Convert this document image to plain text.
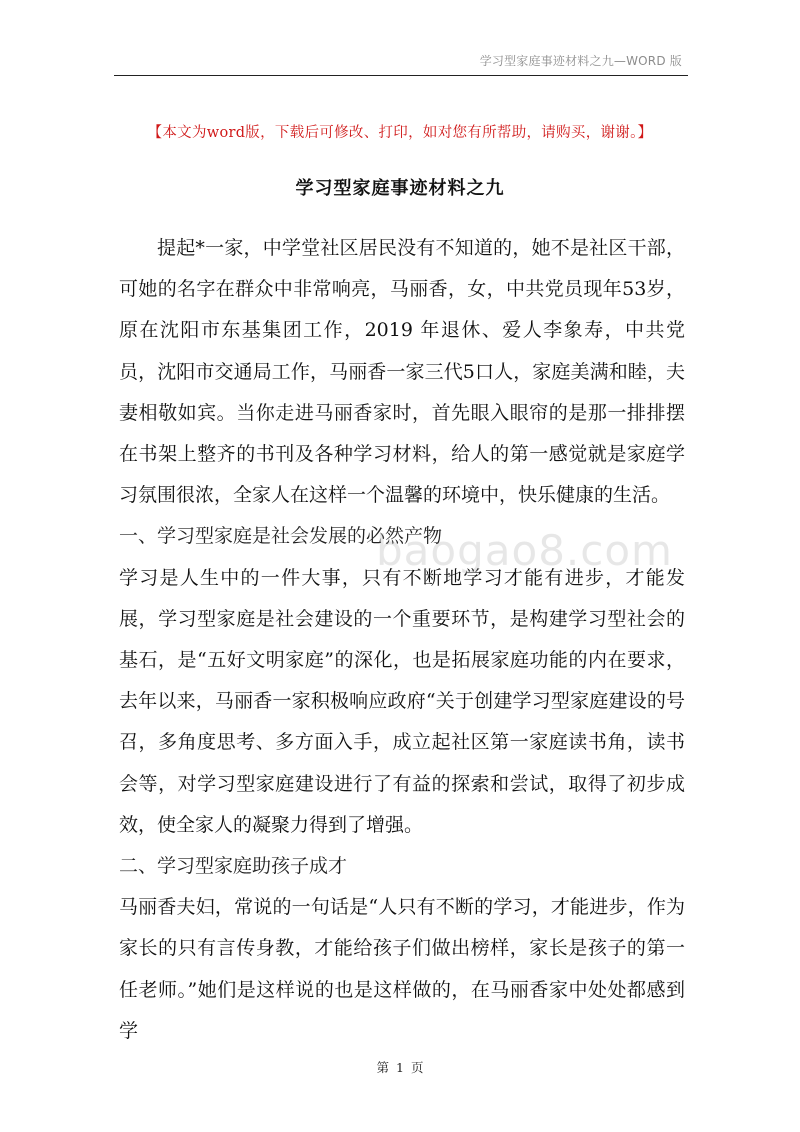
学习型家庭事迹材料之九—WORD 版
【本文为word版，下载后可修改、打印，如对您有所帮助，请购买，谢谢。】
学习型家庭事迹材料之九

提起*一家，中学堂社区居民没有不知道的，她不是社区干部，可她的名字在群众中非常响亮，马丽香，女，中共党员现年53岁，原在沈阳市东基集团工作，2019 年退休、爱人李象寿，中共党员，沈阳市交通局工作，马丽香一家三代5口人，家庭美满和睦，夫妻相敬如宾。当你走进马丽香家时，首先眼入眼帘的是那一排排摆在书架上整齐的书刊及各种学习材料，给人的第一感觉就是家庭学习氛围很浓，全家人在这样一个温馨的环境中，快乐健康的生活。

一、学习型家庭是社会发展的必然产物

学习是人生中的一件大事，只有不断地学习才能有进步，才能发展，学习型家庭是社会建设的一个重要环节，是构建学习型社会的基石，是“五好文明家庭”的深化，也是拓展家庭功能的内在要求，去年以来，马丽香一家积极响应政府“关于创建学习型家庭建设的号召，多角度思考、多方面入手，成立起社区第一家庭读书角，读书会等，对学习型家庭建设进行了有益的探索和尝试，取得了初步成效，使全家人的凝聚力得到了增强。

二、学习型家庭助孩子成才

马丽香夫妇，常说的一句话是“人只有不断的学习，才能进步，作为家长的只有言传身教，才能给孩子们做出榜样，家长是孩子的第一任老师。”她们是这样说的也是这样做的，在马丽香家中处处都感到学

baogao8.com
第 1 页
